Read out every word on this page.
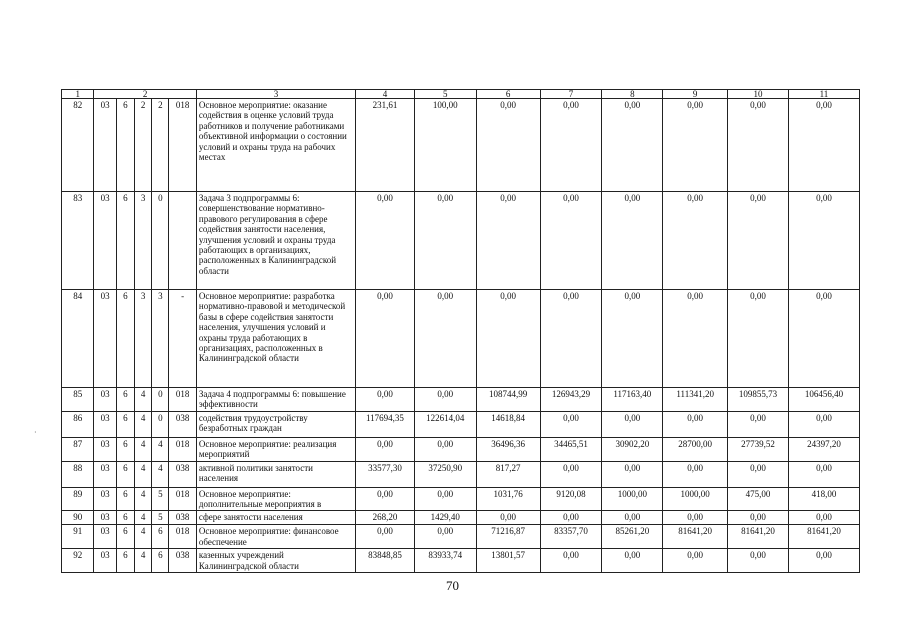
1	2					3	4	5	6	7	8	9	10	11
82	03	6	2	2	018	Основное мероприятие: оказание содействия в оценке условий труда работников и получение работниками объективной информации о состоянии условий и охраны труда на рабочих местах	231,61	100,00	0,00	0,00	0,00	0,00	0,00	0,00
83	03	6	3	0		Задача 3 подпрограммы 6: совершенствование нормативно-правового регулирования в сфере содействия занятости населения, улучшения условий и охраны труда работающих в организациях, расположенных в Калининградской области	0,00	0,00	0,00	0,00	0,00	0,00	0,00	0,00
84	03	6	3	3	-	Основное мероприятие: разработка нормативно-правовой и методической базы в сфере содействия занятости населения, улучшения условий и охраны труда работающих в организациях, расположенных в Калининградской области	0,00	0,00	0,00	0,00	0,00	0,00	0,00	0,00
85	03	6	4	0	018	Задача 4 подпрограммы 6: повышение эффективности	0,00	0,00	108744,99	126943,29	117163,40	111341,20	109855,73	106456,40
86	03	6	4	0	038	содействия трудоустройству безработных граждан	117694,35	122614,04	14618,84	0,00	0,00	0,00	0,00	0,00
87	03	6	4	4	018	Основное мероприятие: реализация мероприятий	0,00	0,00	36496,36	34465,51	30902,20	28700,00	27739,52	24397,20
88	03	6	4	4	038	активной политики занятости населения	33577,30	37250,90	817,27	0,00	0,00	0,00	0,00	0,00
89	03	6	4	5	018	Основное мероприятие: дополнительные мероприятия в	0,00	0,00	1031,76	9120,08	1000,00	1000,00	475,00	418,00
90	03	6	4	5	038	сфере занятости населения	268,20	1429,40	0,00	0,00	0,00	0,00	0,00	0,00
91	03	6	4	6	018	Основное мероприятие: финансовое обеспечение	0,00	0,00	71216,87	83357,70	85261,20	81641,20	81641,20	81641,20
92	03	6	4	6	038	казенных учреждений Калининградской области	83848,85	83933,74	13801,57	0,00	0,00	0,00	0,00	0,00
·
70
